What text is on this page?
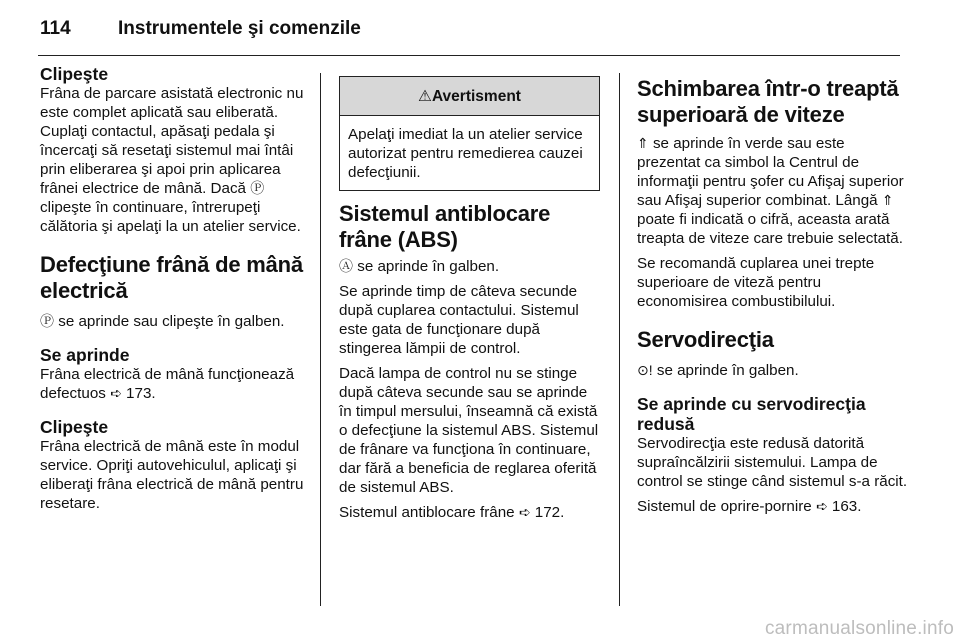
114 Instrumentele şi comenzile
Clipeşte

Frâna de parcare asistată electronic nu este complet aplicată sau eliberată. Cuplaţi contactul, apăsaţi pedala şi încercaţi să resetaţi sistemul mai întâi prin eliberarea şi apoi prin aplicarea frânei electrice de mână. Dacă Ⓟ clipeşte în continuare, întrerupeţi călătoria şi apelaţi la un atelier service.

Defecţiune frână de mână electrică

Ⓟ se aprinde sau clipeşte în galben.

Se aprinde

Frâna electrică de mână funcţionează defectuos ➪ 173.

Clipeşte

Frâna electrică de mână este în modul service. Opriţi autovehiculul, aplicaţi şi eliberaţi frâna electrică de mână pentru resetare.

⚠ Avertisment
Apelaţi imediat la un atelier service autorizat pentru remedierea cauzei defecţiunii.
Sistemul antiblocare frâne (ABS)

Ⓐ se aprinde în galben.

Se aprinde timp de câteva secunde după cuplarea contactului. Sistemul este gata de funcţionare după stingerea lămpii de control.

Dacă lampa de control nu se stinge după câteva secunde sau se aprinde în timpul mersului, înseamnă că există o defecţiune la sistemul ABS. Sistemul de frânare va funcţiona în continuare, dar fără a beneficia de reglarea oferită de sistemul ABS.

Sistemul antiblocare frâne ➪ 172.

Schimbarea într-o treaptă superioară de viteze

⇑ se aprinde în verde sau este prezentat ca simbol la Centrul de informaţii pentru şofer cu Afişaj superior sau Afişaj superior combinat. Lângă ⇑ poate fi indicată o cifră, aceasta arată treapta de viteze care trebuie selectată.

Se recomandă cuplarea unei trepte superioare de viteză pentru economisirea combustibilului.

Servodirecţia

⊙! se aprinde în galben.

Se aprinde cu servodirecţia redusă

Servodirecţia este redusă datorită supraîncălzirii sistemului. Lampa de control se stinge când sistemul s-a răcit.

Sistemul de oprire-pornire ➪ 163.

carmanualsonline.info
